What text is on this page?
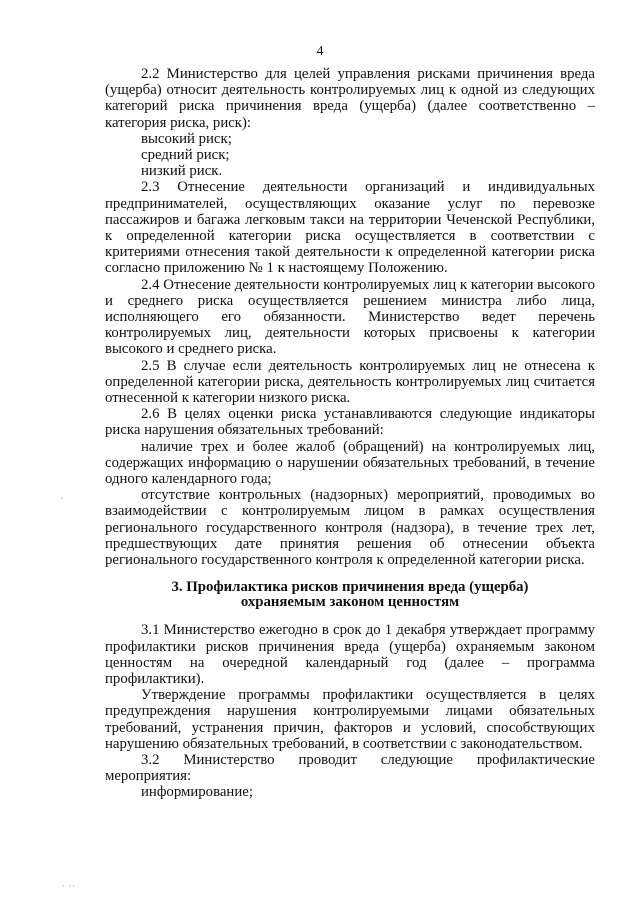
4

2.2 Министерство для целей управления рисками причинения вреда (ущерба) относит деятельность контролируемых лиц к одной из следующих категорий риска причинения вреда (ущерба) (далее соответственно – категория риска, риск):

высокий риск;

средний риск;

низкий риск.

2.3 Отнесение деятельности организаций и индивидуальных предпринимателей, осуществляющих оказание услуг по перевозке пассажиров и багажа легковым такси на территории Чеченской Республики, к определенной категории риска осуществляется в соответствии с критериями отнесения такой деятельности к определенной категории риска согласно приложению № 1 к настоящему Положению.

2.4 Отнесение деятельности контролируемых лиц к категории высокого и среднего риска осуществляется решением министра либо лица, исполняющего его обязанности. Министерство ведет перечень контролируемых лиц, деятельности которых присвоены к категории высокого и среднего риска.

2.5 В случае если деятельность контролируемых лиц не отнесена к определенной категории риска, деятельность контролируемых лиц считается отнесенной к категории низкого риска.

2.6 В целях оценки риска устанавливаются следующие индикаторы риска нарушения обязательных требований:

наличие трех и более жалоб (обращений) на контролируемых лиц, содержащих информацию о нарушении обязательных требований, в течение одного календарного года;

отсутствие контрольных (надзорных) мероприятий, проводимых во взаимодействии с контролируемым лицом в рамках осуществления регионального государственного контроля (надзора), в течение трех лет, предшествующих дате принятия решения об отнесении объекта регионального государственного контроля к определенной категории риска.

3. Профилактика рисков причинения вреда (ущерба)
охраняемым законом ценностям

3.1 Министерство ежегодно в срок до 1 декабря утверждает программу профилактики рисков причинения вреда (ущерба) охраняемым законом ценностям на очередной календарный год (далее – программа профилактики).

Утверждение программы профилактики осуществляется в целях предупреждения нарушения контролируемыми лицами обязательных требований, устранения причин, факторов и условий, способствующих нарушению обязательных требований, в соответствии с законодательством.

3.2 Министерство проводит следующие профилактические мероприятия:

информирование;

·
· ··
